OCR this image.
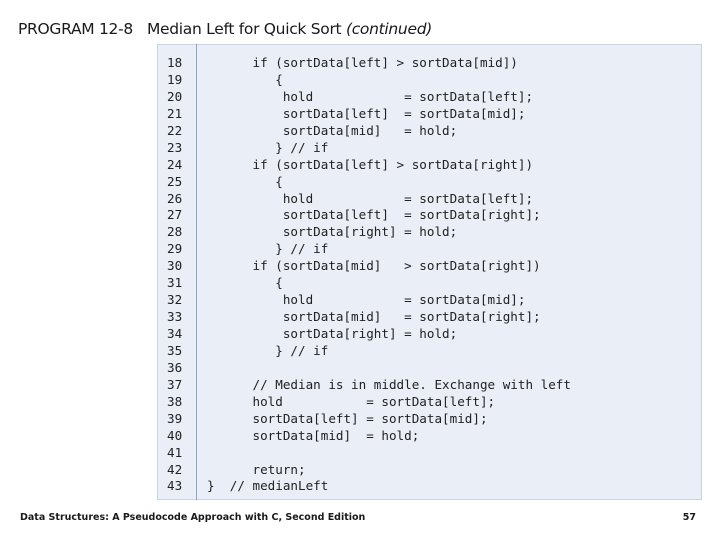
PROGRAM 12-8 Median Left for Quick Sort (continued)
18 if (sortData[left] > sortData[mid])
19 {
20 hold            = sortData[left];
21 sortData[left]  = sortData[mid];
22 sortData[mid]   = hold;
23 } // if
24 if (sortData[left] > sortData[right])
25 {
26 hold            = sortData[left];
27 sortData[left]  = sortData[right];
28 sortData[right] = hold;
29 } // if
30 if (sortData[mid]   > sortData[right])
31 {
32 hold            = sortData[mid];
33 sortData[mid]   = sortData[right];
34 sortData[right] = hold;
35 } // if
36
37 // Median is in middle. Exchange with left
38 hold           = sortData[left];
39 sortData[left] = sortData[mid];
40 sortData[mid]  = hold;
41
42 return;
43 }  // medianLeft
Data Structures: A Pseudocode Approach with C, Second Edition	57
